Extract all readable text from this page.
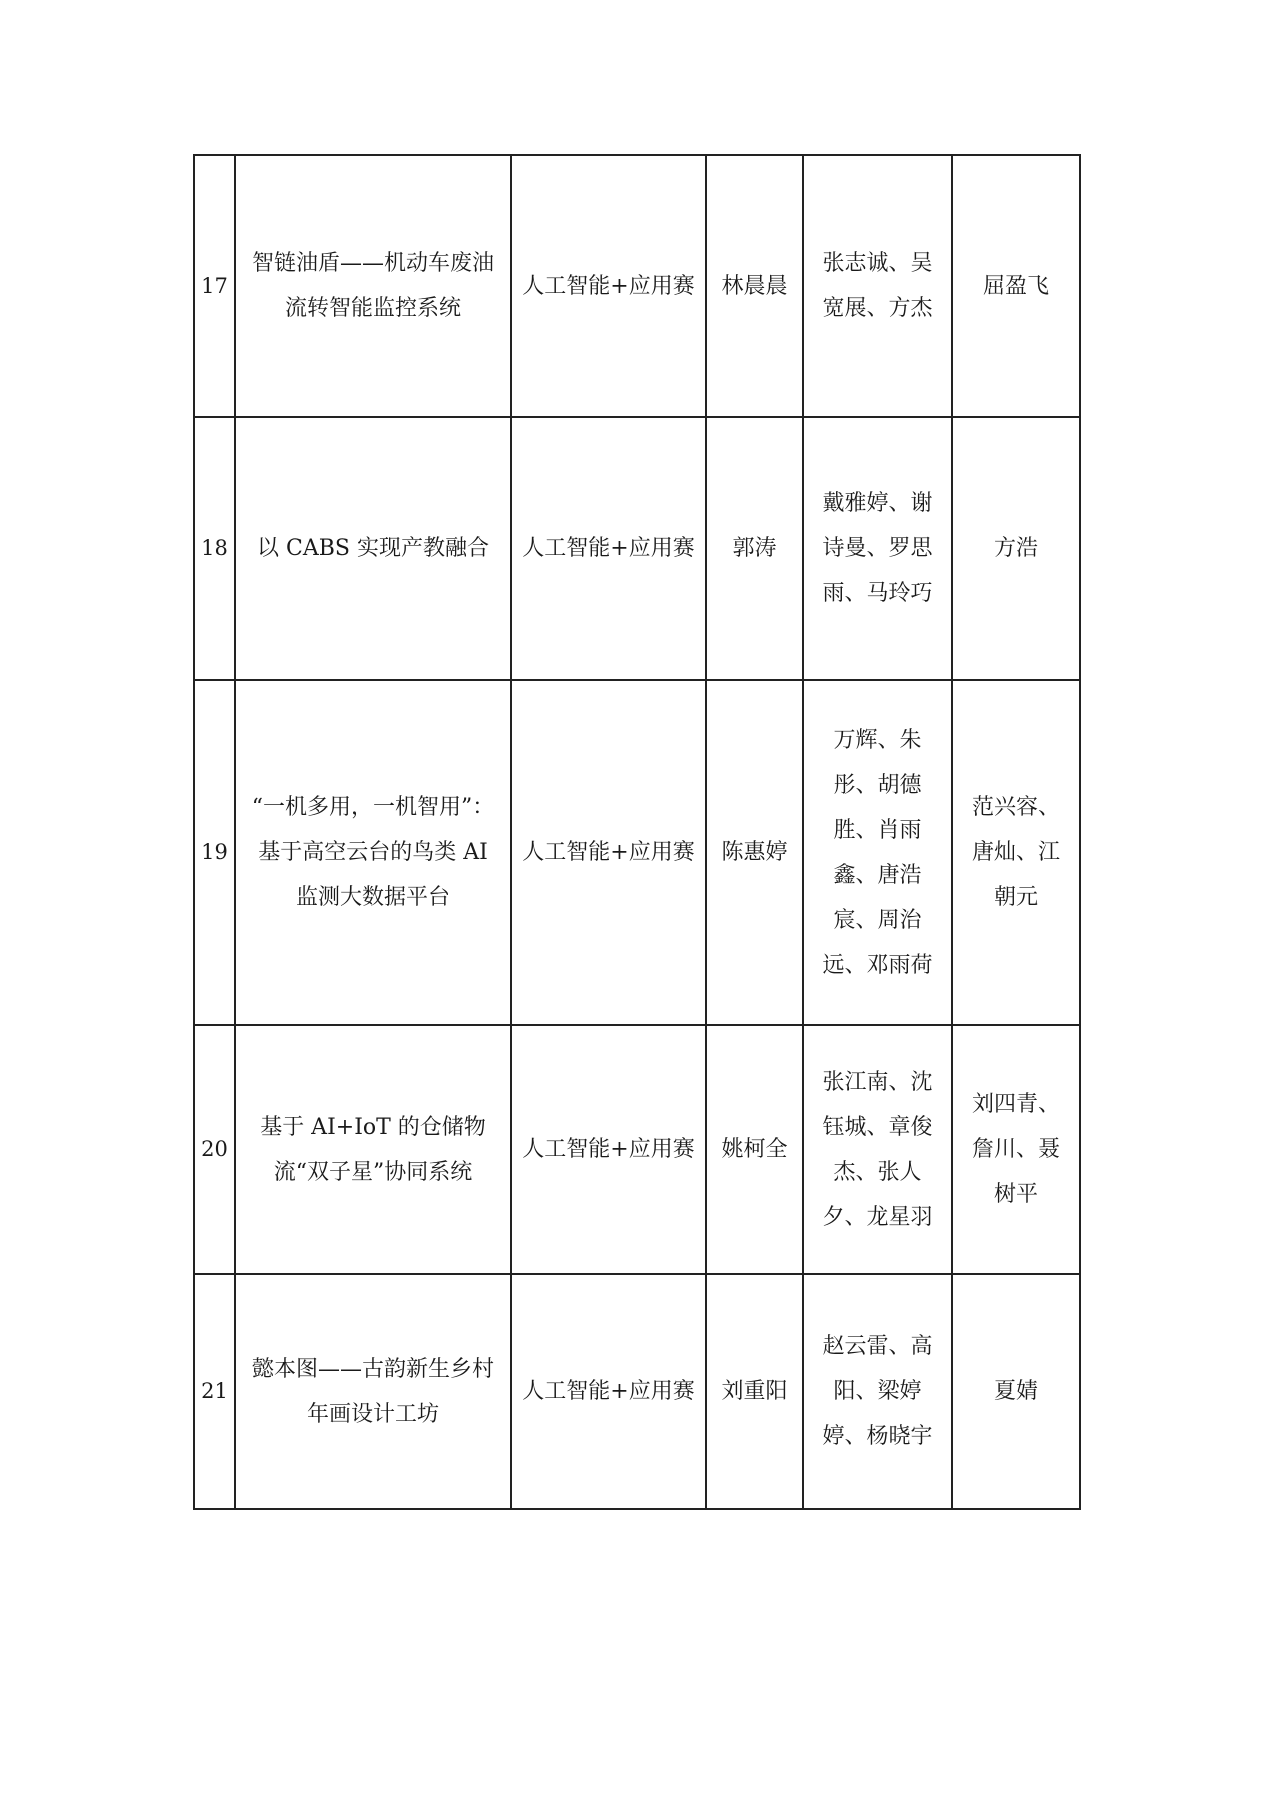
17	智链油盾——机动车废油流转智能监控系统	人工智能+应用赛	林晨晨	张志诚、吴宽展、方杰	屈盈飞
18	以 CABS 实现产教融合	人工智能+应用赛	郭涛	戴雅婷、谢诗曼、罗思雨、马玲巧	方浩
19	“一机多用，一机智用”：基于高空云台的鸟类 AI 监测大数据平台	人工智能+应用赛	陈惠婷	万辉、朱彤、胡德胜、肖雨鑫、唐浩宸、周治远、邓雨荷	范兴容、唐灿、江朝元
20	基于 AI+IoT 的仓储物流“双子星”协同系统	人工智能+应用赛	姚柯全	张江南、沈钰城、章俊杰、张人夕、龙星羽	刘四青、詹川、聂树平
21	懿本图——古韵新生乡村年画设计工坊	人工智能+应用赛	刘重阳	赵云雷、高阳、梁婷婷、杨晓宇	夏婧
